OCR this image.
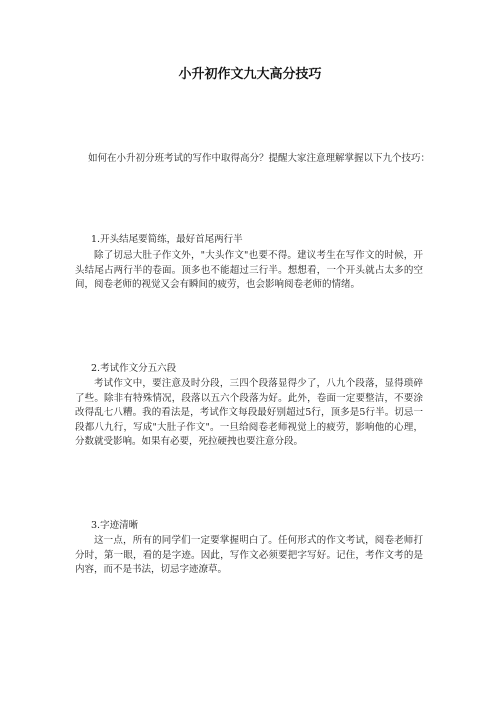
小升初作文九大高分技巧
如何在小升初分班考试的写作中取得高分？提醒大家注意理解掌握以下九个技巧：
1.开头结尾要简练，最好首尾两行半
除了切忌大肚子作文外，"大头作文"也要不得。建议考生在写作文的时候，开头结尾占两行半的卷面。顶多也不能超过三行半。想想看，一个开头就占太多的空间，阅卷老师的视觉又会有瞬间的疲劳，也会影响阅卷老师的情绪。
2.考试作文分五六段
考试作文中，要注意及时分段，三四个段落显得少了，八九个段落，显得琐碎了些。除非有特殊情况，段落以五六个段落为好。此外，卷面一定要整洁，不要涂改得乱七八糟。我的看法是，考试作文每段最好别超过5行，顶多是5行半。切忌一段都八九行，写成"大肚子作文"。一旦给阅卷老师视觉上的疲劳，影响他的心理，分数就受影响。如果有必要，死拉硬拽也要注意分段。
3.字迹清晰
这一点，所有的同学们一定要掌握明白了。任何形式的作文考试，阅卷老师打分时，第一眼，看的是字迹。因此，写作文必须要把字写好。记住，考作文考的是内容，而不是书法，切忌字迹潦草。
